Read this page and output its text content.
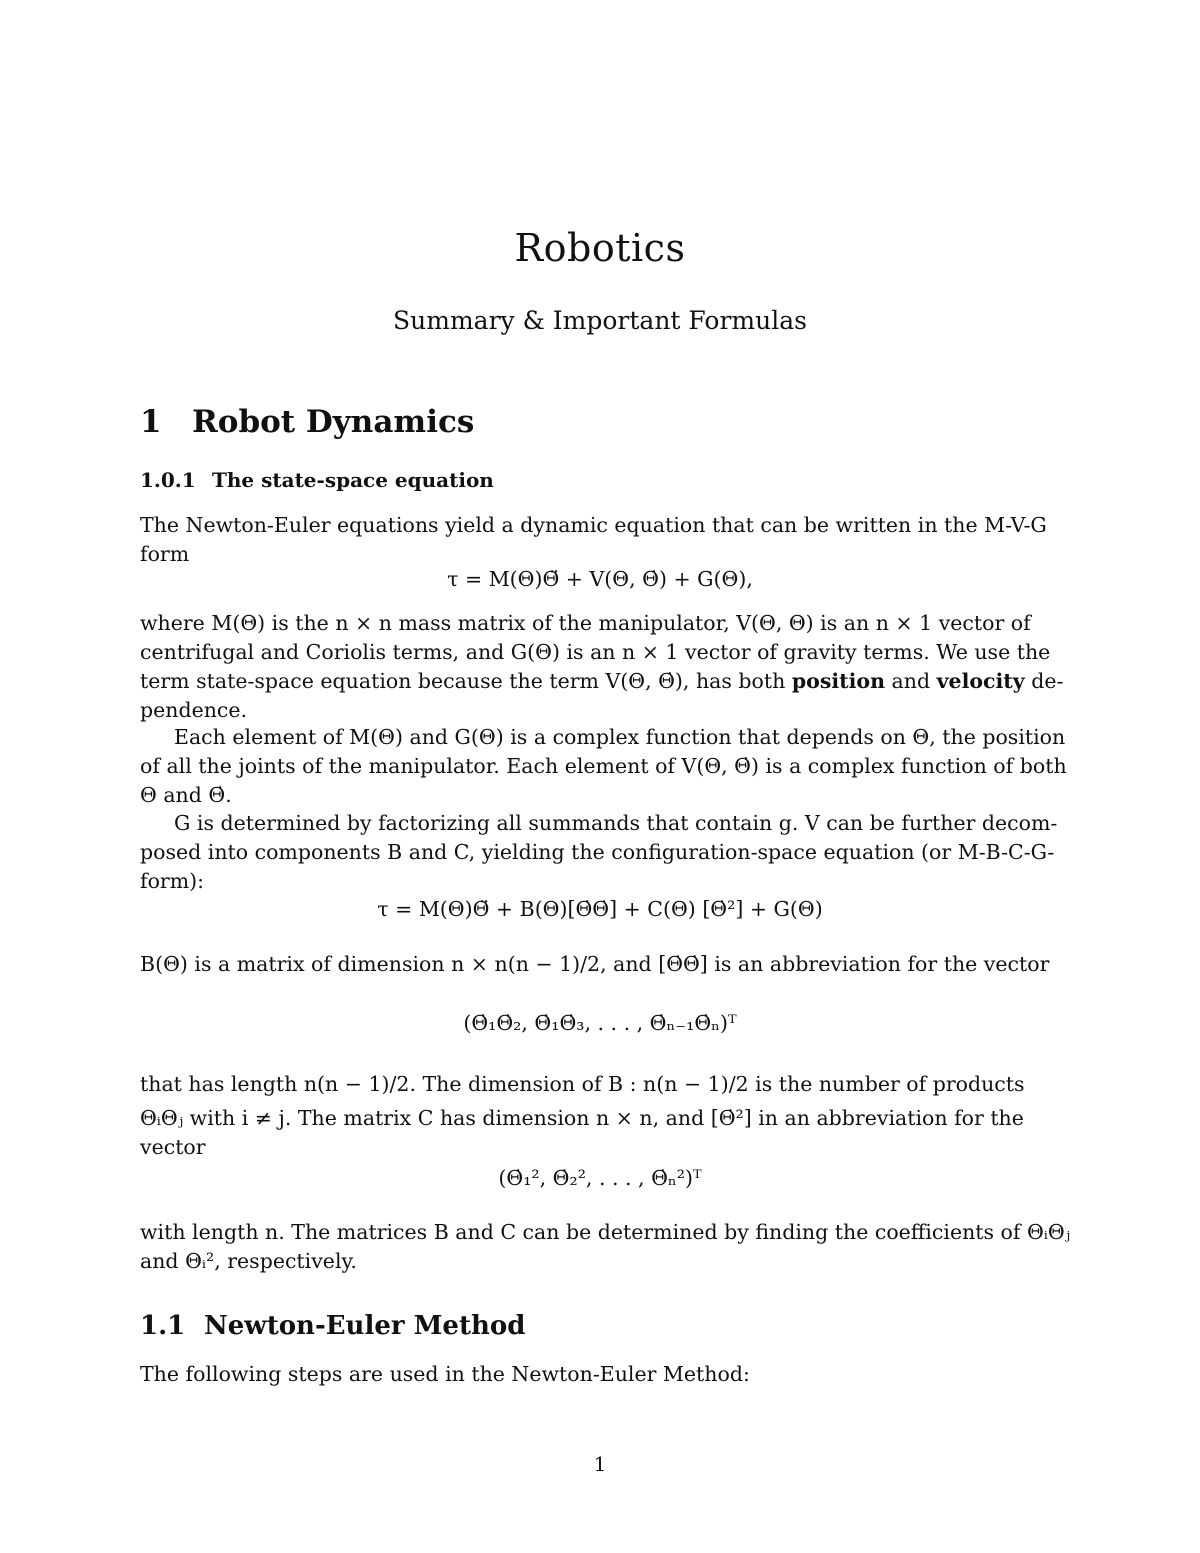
Robotics
Summary & Important Formulas
1 Robot Dynamics
1.0.1 The state-space equation
The Newton-Euler equations yield a dynamic equation that can be written in the M-V-G
form
τ = M(Θ)Θ̈ + V(Θ, Θ̇) + G(Θ),
where M(Θ) is the n × n mass matrix of the manipulator, V(Θ, Θ) is an n × 1 vector of
centrifugal and Coriolis terms, and G(Θ) is an n × 1 vector of gravity terms. We use the
term state-space equation because the term V(Θ, Θ̇), has both position and velocity de-
pendence.
Each element of M(Θ) and G(Θ) is a complex function that depends on Θ, the position
of all the joints of the manipulator. Each element of V(Θ, Θ̇) is a complex function of both
Θ and Θ̇.
G is determined by factorizing all summands that contain g. V can be further decom-
posed into components B and C, yielding the configuration-space equation (or M-B-C-G-
form):
τ = M(Θ)Θ̈ + B(Θ)[Θ̇Θ̇] + C(Θ) [Θ̇²] + G(Θ)
B(Θ) is a matrix of dimension n × n(n − 1)/2, and [Θ̇Θ̇] is an abbreviation for the vector
(Θ̇₁Θ̇₂, Θ̇₁Θ̇₃, . . . , Θ̇ₙ₋₁Θ̇ₙ)ᵀ
that has length n(n − 1)/2. The dimension of B : n(n − 1)/2 is the number of products
ΘᵢΘⱼ with i ≠ j. The matrix C has dimension n × n, and [Θ̇²] in an abbreviation for the
vector
(Θ̇₁², Θ̇₂², . . . , Θ̇ₙ²)ᵀ
with length n. The matrices B and C can be determined by finding the coefficients of ΘᵢΘⱼ
and Θᵢ², respectively.
1.1 Newton-Euler Method
The following steps are used in the Newton-Euler Method:
1
